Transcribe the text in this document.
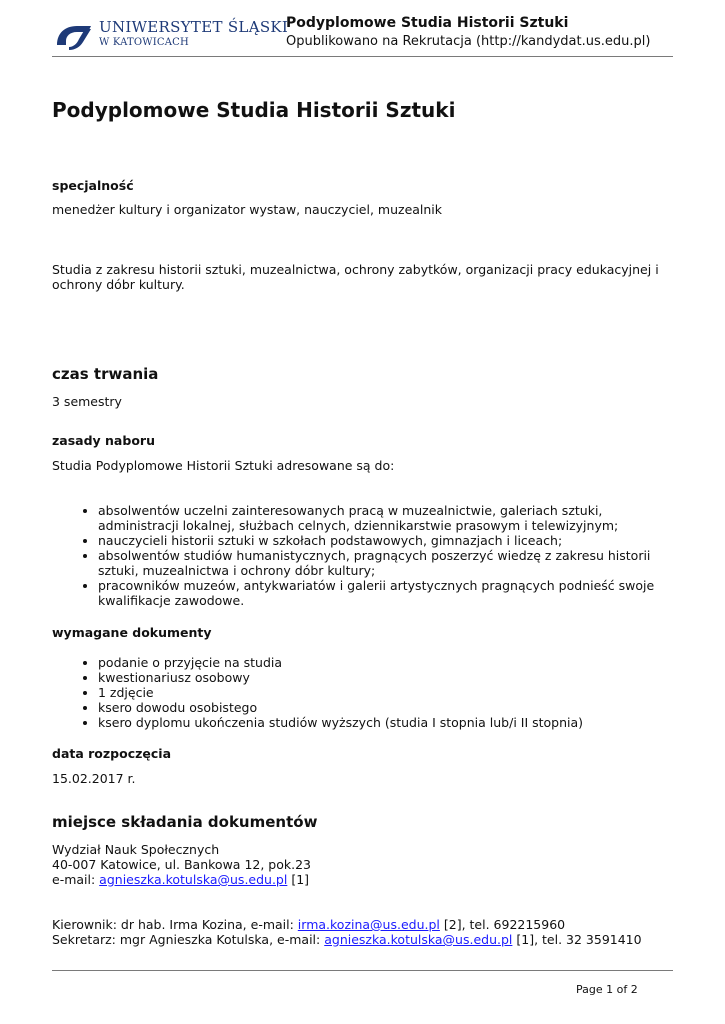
UNIWERSYTET ŚLĄSKI
W KATOWICACH
Podyplomowe Studia Historii Sztuki
Opublikowano na Rekrutacja (http://kandydat.us.edu.pl)
Podyplomowe Studia Historii Sztuki
specjalność
menedżer kultury i organizator wystaw, nauczyciel, muzealnik
Studia z zakresu historii sztuki, muzealnictwa, ochrony zabytków, organizacji pracy edukacyjnej i ochrony dóbr kultury.
czas trwania
3 semestry
zasady naboru
Studia Podyplomowe Historii Sztuki adresowane są do:
• absolwentów uczelni zainteresowanych pracą w muzealnictwie, galeriach sztuki, administracji lokalnej, służbach celnych, dziennikarstwie prasowym i telewizyjnym;
• nauczycieli historii sztuki w szkołach podstawowych, gimnazjach i liceach;
• absolwentów studiów humanistycznych, pragnących poszerzyć wiedzę z zakresu historii sztuki, muzealnictwa i ochrony dóbr kultury;
• pracowników muzeów, antykwariatów i galerii artystycznych pragnących podnieść swoje kwalifikacje zawodowe.
wymagane dokumenty
• podanie o przyjęcie na studia
• kwestionariusz osobowy
• 1 zdjęcie
• ksero dowodu osobistego
• ksero dyplomu ukończenia studiów wyższych (studia I stopnia lub/i II stopnia)
data rozpoczęcia
15.02.2017 r.
miejsce składania dokumentów
Wydział Nauk Społecznych
40-007 Katowice, ul. Bankowa 12, pok.23
e-mail: agnieszka.kotulska@us.edu.pl [1]
Kierownik: dr hab. Irma Kozina, e-mail: irma.kozina@us.edu.pl [2], tel. 692215960
Sekretarz: mgr Agnieszka Kotulska, e-mail: agnieszka.kotulska@us.edu.pl [1], tel. 32 3591410
Page 1 of 2
